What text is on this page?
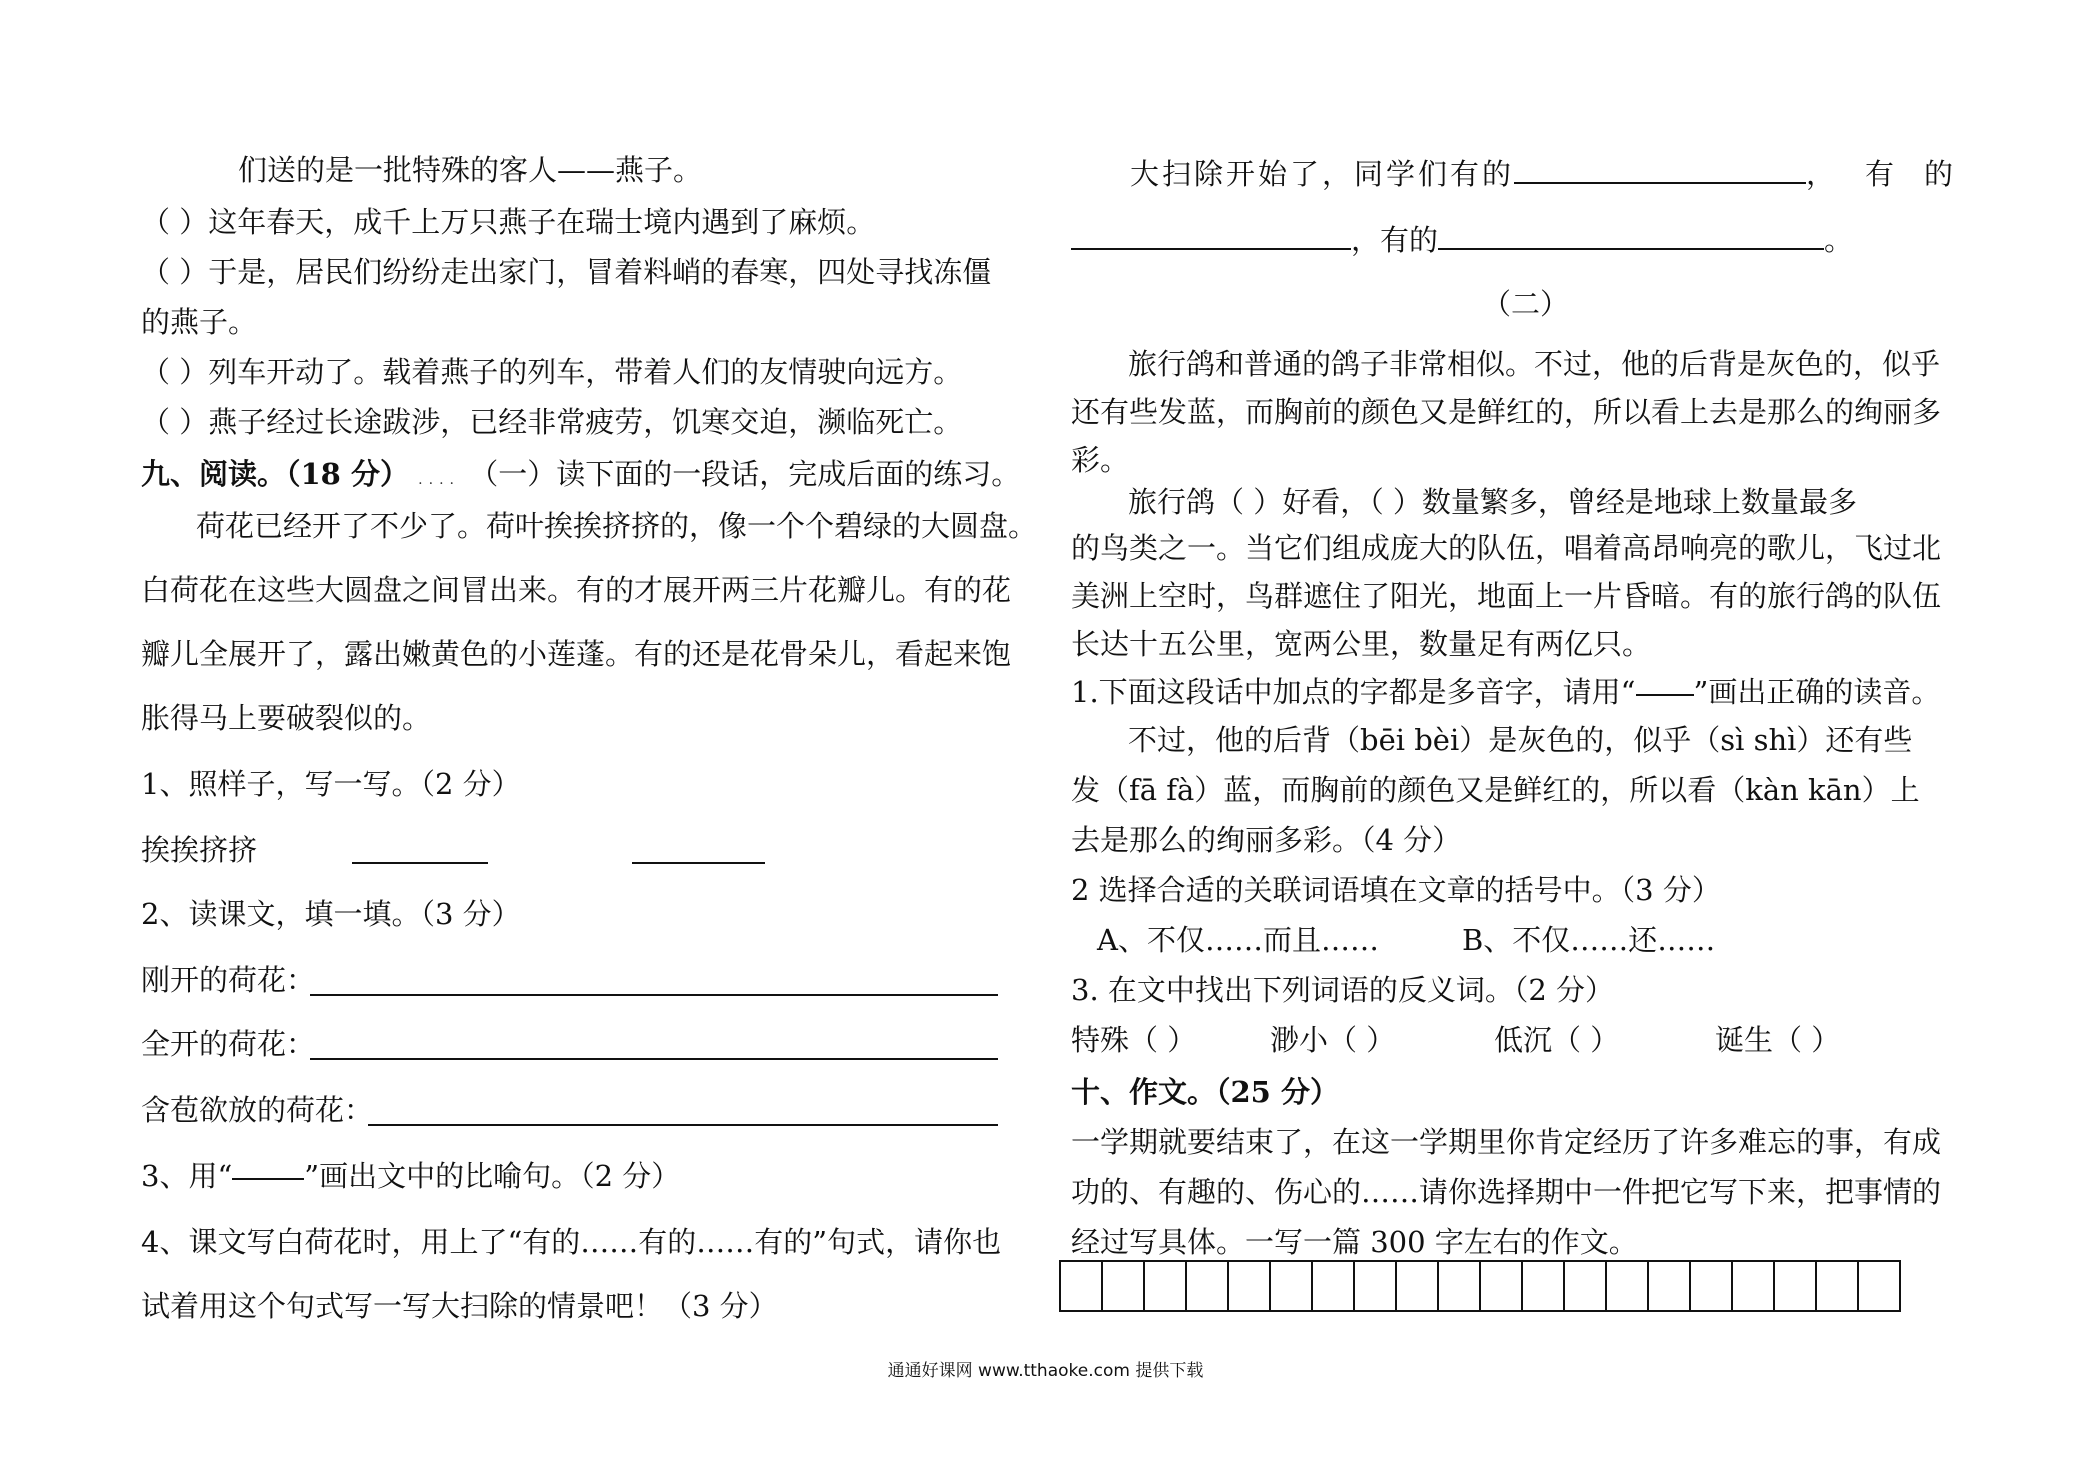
们送的是一批特殊的客人——燕子。
（ ）这年春天，成千上万只燕子在瑞士境内遇到了麻烦。
（ ）于是，居民们纷纷走出家门，冒着料峭的春寒，四处寻找冻僵
的燕子。
（ ）列车开动了。载着燕子的列车，带着人们的友情驶向远方。
（ ）燕子经过长途跋涉，已经非常疲劳，饥寒交迫，濒临死亡。
九、阅读。（18 分） .... （一）读下面的一段话，完成后面的练习。
荷花已经开了不少了。荷叶挨挨挤挤的，像一个个碧绿的大圆盘。
白荷花在这些大圆盘之间冒出来。有的才展开两三片花瓣儿。有的花
瓣儿全展开了，露出嫩黄色的小莲蓬。有的还是花骨朵儿，看起来饱
胀得马上要破裂似的。
1、照样子，写一写。（2 分）
挨挨挤挤
2、读课文，填一填。（3 分）
刚开的荷花：
全开的荷花：
含苞欲放的荷花：
3、用“ ”画出文中的比喻句。（2 分）
4、课文写白荷花时，用上了“有的……有的……有的”句式，请你也
试着用这个句式写一写大扫除的情景吧！（3 分）
大扫除开始了，同学们有的	，有的
，有的	。
（二）
旅行鸽和普通的鸽子非常相似。不过，他的后背是灰色的，似乎
还有些发蓝，而胸前的颜色又是鲜红的，所以看上去是那么的绚丽多
彩。
旅行鸽（ ）好看，（ ）数量繁多，曾经是地球上数量最多
的鸟类之一。当它们组成庞大的队伍，唱着高昂响亮的歌儿，飞过北
美洲上空时，鸟群遮住了阳光，地面上一片昏暗。有的旅行鸽的队伍
长达十五公里，宽两公里，数量足有两亿只。
1.下面这段话中加点的字都是多音字，请用“ ”画出正确的读音。
不过，他的后背（bēi bèi）是灰色的，似乎（sì shì）还有些
发（fā fà）蓝，而胸前的颜色又是鲜红的，所以看（kàn kān）上
去是那么的绚丽多彩。（4 分）
2 选择合适的关联词语填在文章的括号中。（3 分）
A、不仅……而且……	B、不仅……还……
3. 在文中找出下列词语的反义词。（2 分）
特殊（ ）	渺小（ ）	低沉（ ）	诞生（ ）
十、作文。（25 分）
一学期就要结束了，在这一学期里你肯定经历了许多难忘的事，有成
功的、有趣的、伤心的……请你选择期中一件把它写下来，把事情的
经过写具体。一写一篇 300 字左右的作文。
通通好课网 www.tthaoke.com 提供下载
